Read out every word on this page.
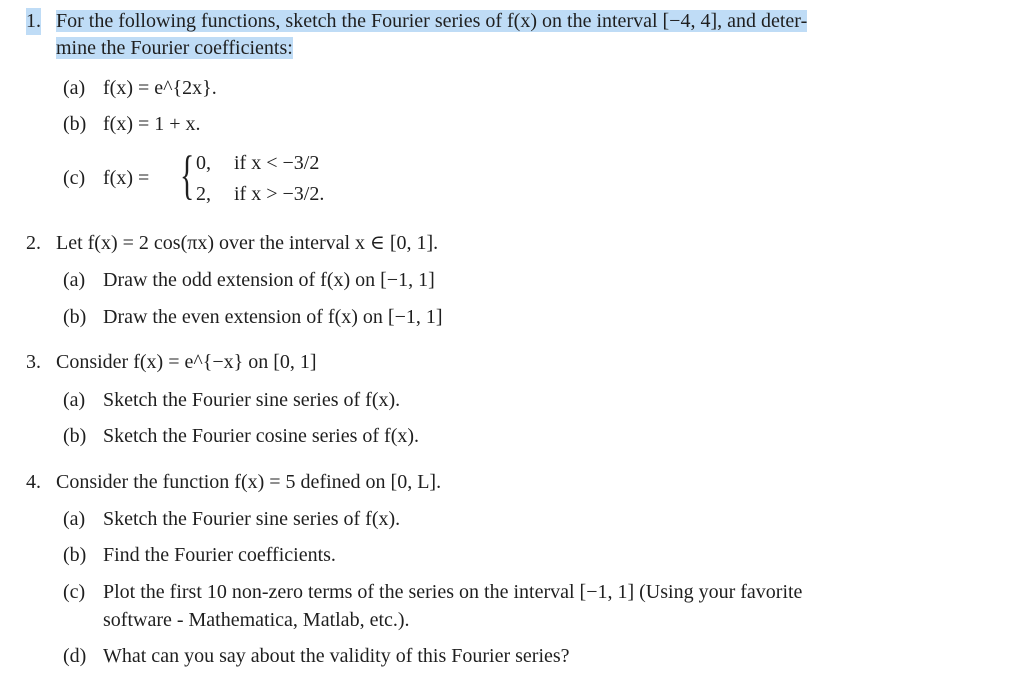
1. For the following functions, sketch the Fourier series of f(x) on the interval [−4, 4], and deter-
mine the Fourier coefficients:
(a) f(x) = e^{2x}.
(b) f(x) = 1 + x.
(c) f(x) = { 0, if x < −3/2
2, if x > −3/2.
2. Let f(x) = 2 cos(πx) over the interval x ∈ [0, 1].
(a) Draw the odd extension of f(x) on [−1, 1]
(b) Draw the even extension of f(x) on [−1, 1]
3. Consider f(x) = e^{−x} on [0, 1]
(a) Sketch the Fourier sine series of f(x).
(b) Sketch the Fourier cosine series of f(x).
4. Consider the function f(x) = 5 defined on [0, L].
(a) Sketch the Fourier sine series of f(x).
(b) Find the Fourier coefficients.
(c) Plot the first 10 non-zero terms of the series on the interval [−1, 1] (Using your favorite
software - Mathematica, Matlab, etc.).
(d) What can you say about the validity of this Fourier series?
